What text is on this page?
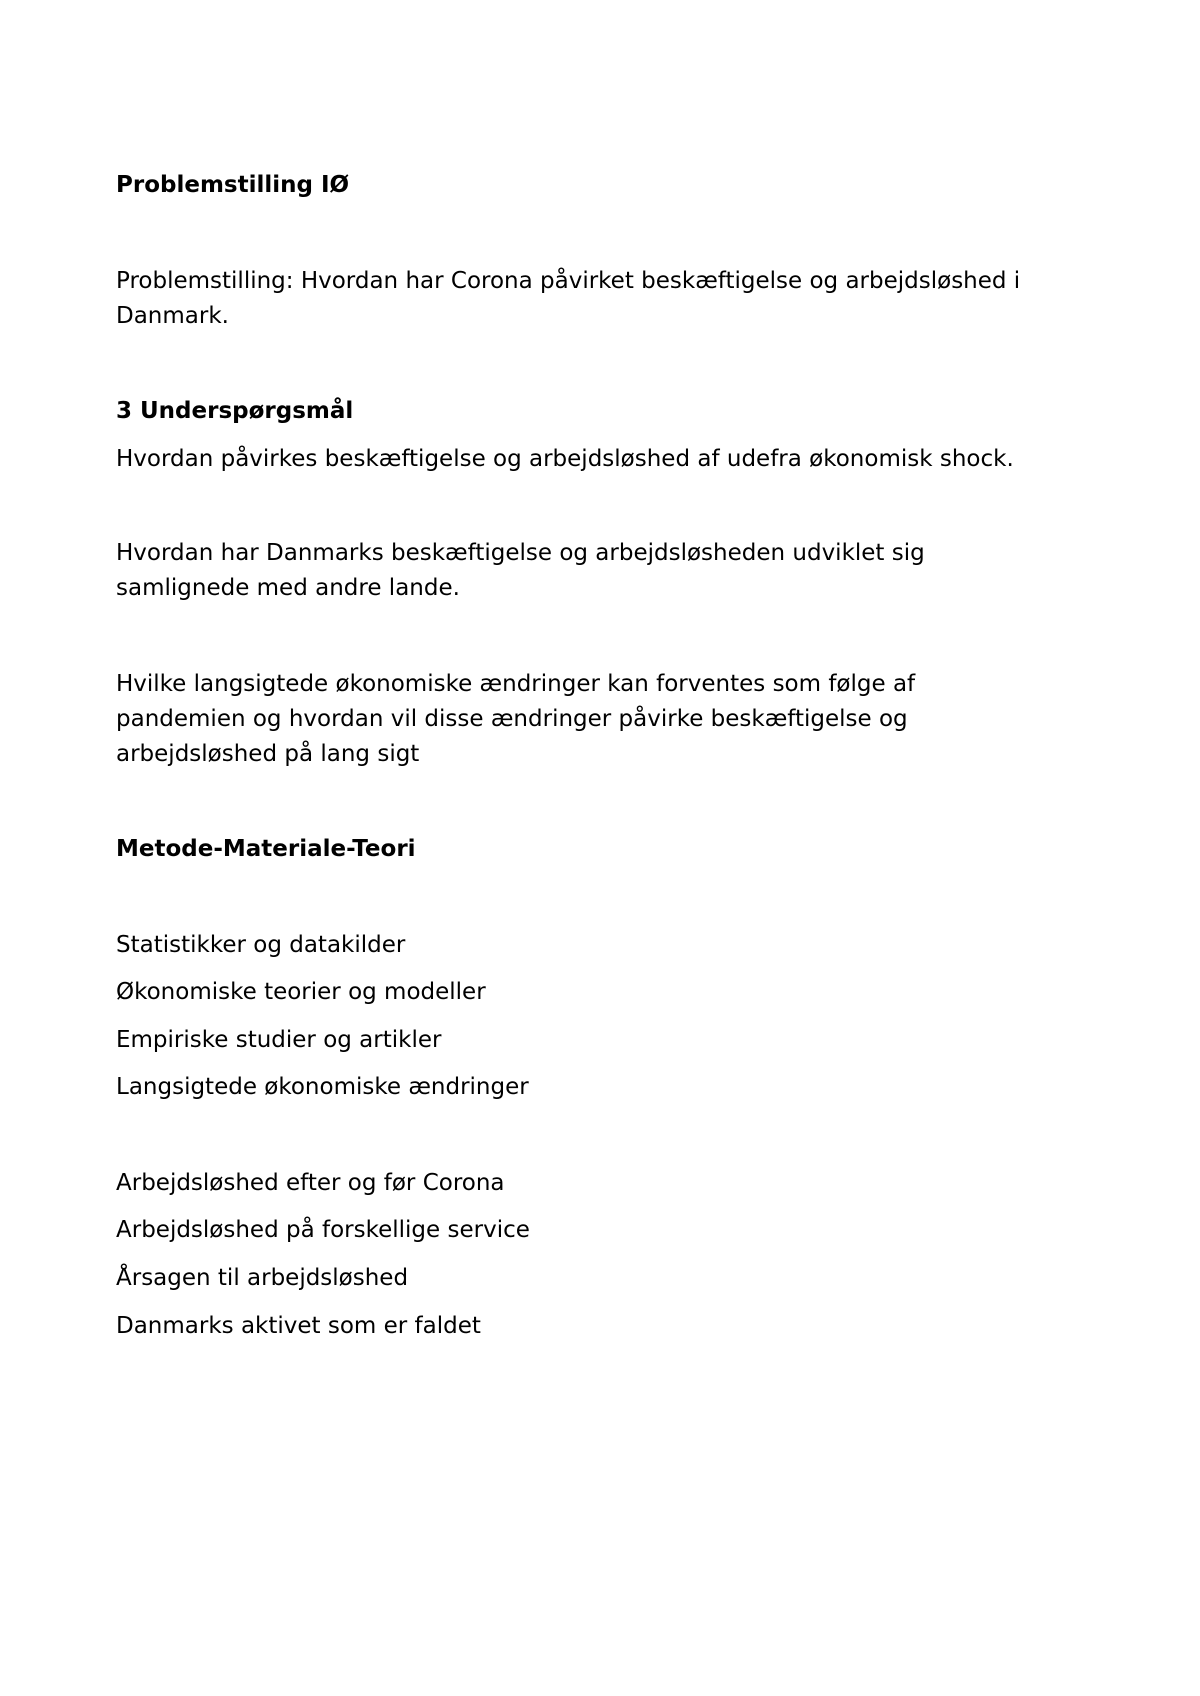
Problemstilling IØ
Problemstilling: Hvordan har Corona påvirket beskæftigelse og arbejdsløshed i
Danmark.
3 Underspørgsmål
Hvordan påvirkes beskæftigelse og arbejdsløshed af udefra økonomisk shock.
Hvordan har Danmarks beskæftigelse og arbejdsløsheden udviklet sig
samlignede med andre lande.
Hvilke langsigtede økonomiske ændringer kan forventes som følge af
pandemien og hvordan vil disse ændringer påvirke beskæftigelse og
arbejdsløshed på lang sigt
Metode-Materiale-Teori
Statistikker og datakilder
Økonomiske teorier og modeller
Empiriske studier og artikler
Langsigtede økonomiske ændringer
Arbejdsløshed efter og før Corona
Arbejdsløshed på forskellige service
Årsagen til arbejdsløshed
Danmarks aktivet som er faldet
